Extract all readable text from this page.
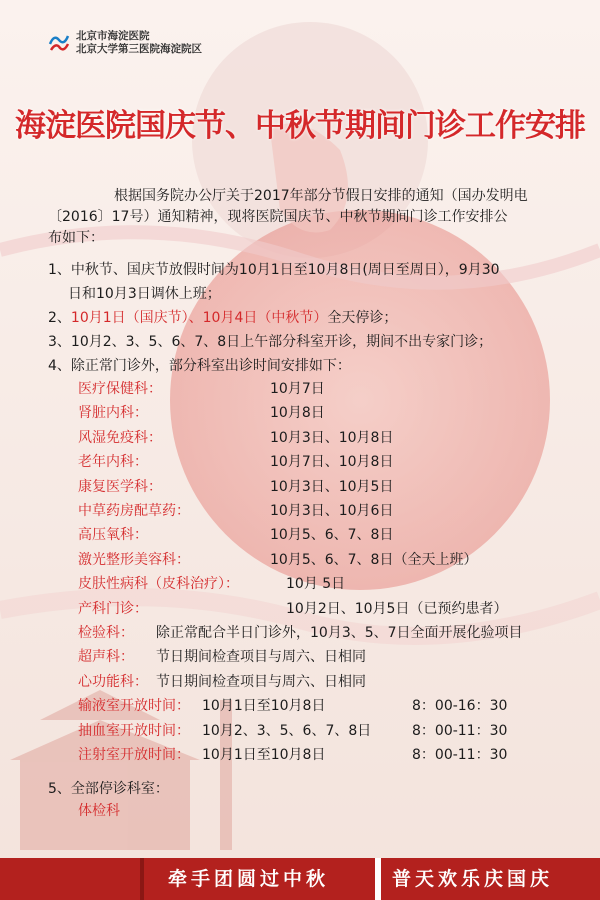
北京市海淀医院
北京大学第三医院海淀院区
海淀医院国庆节、中秋节期间门诊工作安排
根据国务院办公厅关于2017年部分节假日安排的通知（国办发明电
〔2016〕17号）通知精神，现将医院国庆节、中秋节期间门诊工作安排公
布如下：
1、中秋节、国庆节放假时间为10月1日至10月8日(周日至周日），9月30
日和10月3日调休上班；
2、10月1日（国庆节）、10月4日（中秋节）全天停诊；
3、10月2、3、5、6、7、8日上午部分科室开诊，期间不出专家门诊；
4、除正常门诊外，部分科室出诊时间安排如下：
医疗保健科：	10月7日
肾脏内科：	10月8日
风湿免疫科：	10月3日、10月8日
老年内科：	10月7日、10月8日
康复医学科：	10月3日、10月5日
中草药房配草药：	10月3日、10月6日
高压氧科：	10月5、6、7、8日
激光整形美容科：	10月5、6、7、8日（全天上班）
皮肤性病科（皮科治疗）：	10月 5日
产科门诊：	10月2日、10月5日（已预约患者）
检验科： 除正常配合半日门诊外，10月3、5、7日全面开展化验项目
超声科： 节日期间检查项目与周六、日相同
心功能科： 节日期间检查项目与周六、日相同
输液室开放时间： 10月1日至10月8日	8：00-16：30
抽血室开放时间： 10月2、3、5、6、7、8日	8：00-11：30
注射室开放时间： 10月1日至10月8日	8：00-11：30
5、全部停诊科室：
体检科
牵手团圆过中秋	普天欢乐庆国庆
